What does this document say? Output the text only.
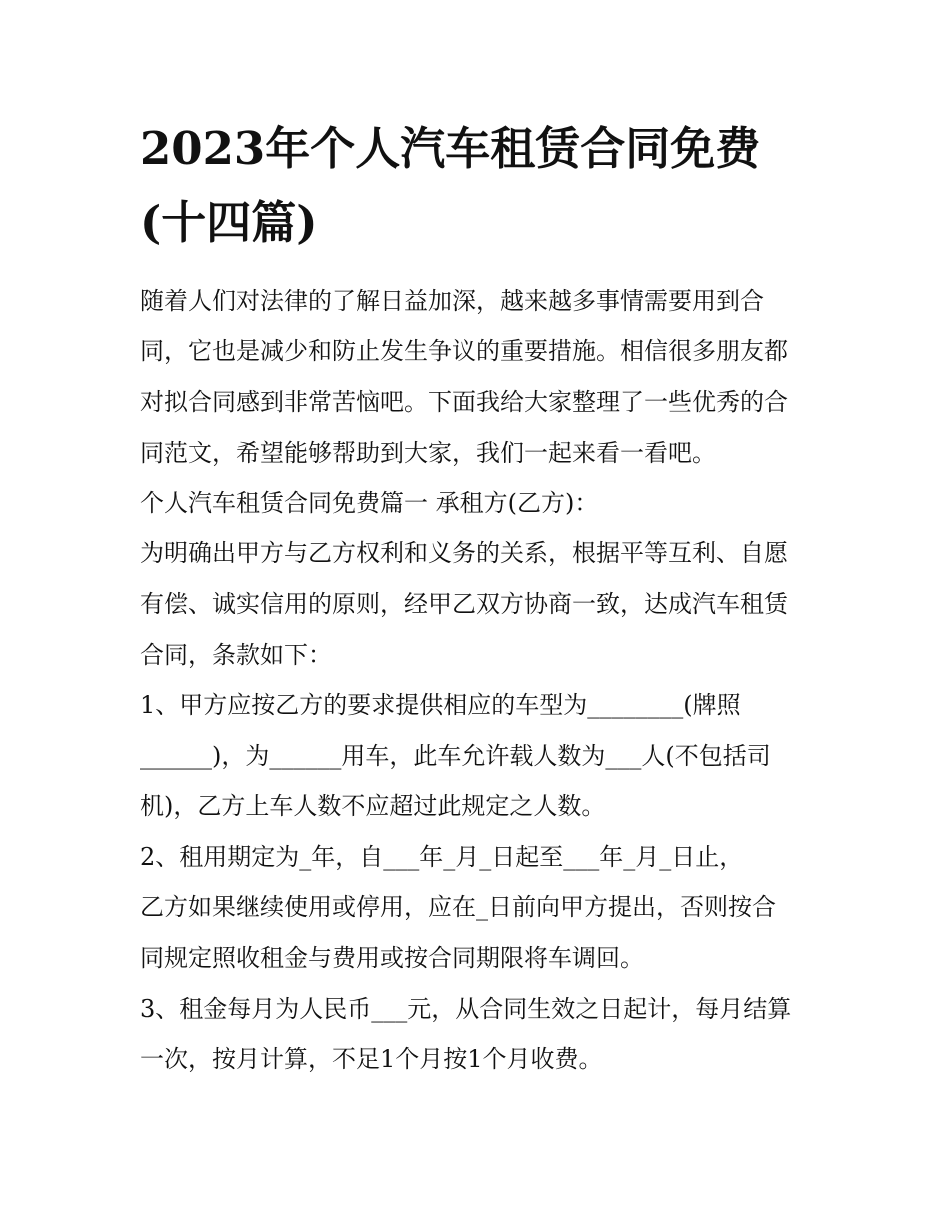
2023年个人汽车租赁合同免费
(十四篇)

随着人们对法律的了解日益加深，越来越多事情需要用到合

同，它也是减少和防止发生争议的重要措施。相信很多朋友都

对拟合同感到非常苦恼吧。下面我给大家整理了一些优秀的合

同范文，希望能够帮助到大家，我们一起来看一看吧。

个人汽车租赁合同免费篇一 承租方(乙方)：

为明确出甲方与乙方权利和义务的关系，根据平等互利、自愿

有偿、诚实信用的原则，经甲乙双方协商一致，达成汽车租赁

合同，条款如下：

1、甲方应按乙方的要求提供相应的车型为________(牌照

______)，为______用车，此车允许载人数为___人(不包括司

机)，乙方上车人数不应超过此规定之人数。

2、租用期定为_年，自___年_月_日起至___年_月_日止，

乙方如果继续使用或停用，应在_日前向甲方提出，否则按合

同规定照收租金与费用或按合同期限将车调回。

3、租金每月为人民币___元，从合同生效之日起计，每月结算

一次，按月计算，不足1个月按1个月收费。
